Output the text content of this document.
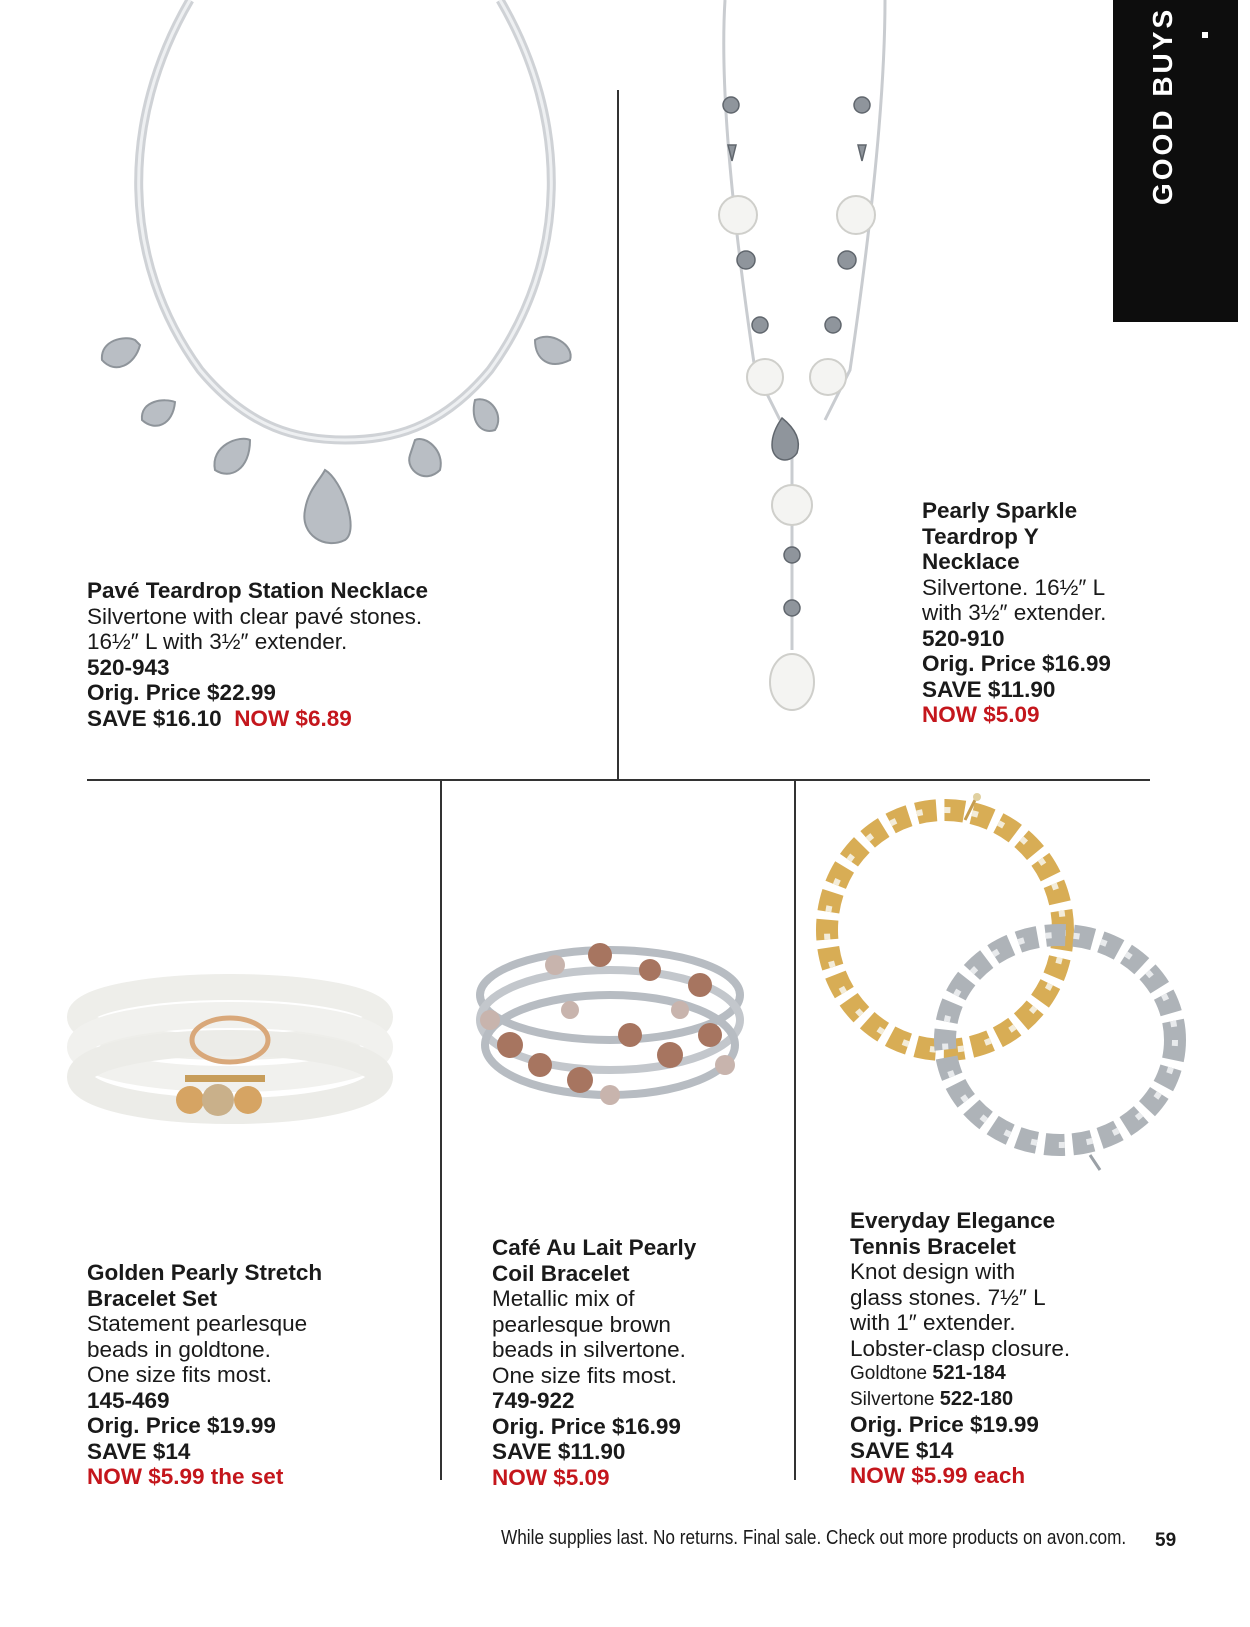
GOOD BUYS
Pavé Teardrop Station Necklace
Silvertone with clear pavé stones.
16½″ L with 3½″ extender.
520-943
Orig. Price $22.99
SAVE $16.10 NOW $6.89
Pearly Sparkle
Teardrop Y
Necklace
Silvertone. 16½″ L
with 3½″ extender.
520-910
Orig. Price $16.99
SAVE $11.90
NOW $5.09
Golden Pearly Stretch
Bracelet Set
Statement pearlesque
beads in goldtone.
One size fits most.
145-469
Orig. Price $19.99
SAVE $14
NOW $5.99 the set
Café Au Lait Pearly
Coil Bracelet
Metallic mix of
pearlesque brown
beads in silvertone.
One size fits most.
749-922
Orig. Price $16.99
SAVE $11.90
NOW $5.09
Everyday Elegance
Tennis Bracelet
Knot design with
glass stones. 7½″ L
with 1″ extender.
Lobster-clasp closure.
Goldtone 521-184
Silvertone 522-180
Orig. Price $19.99
SAVE $14
NOW $5.99 each
While supplies last. No returns. Final sale. Check out more products on avon.com. 59
